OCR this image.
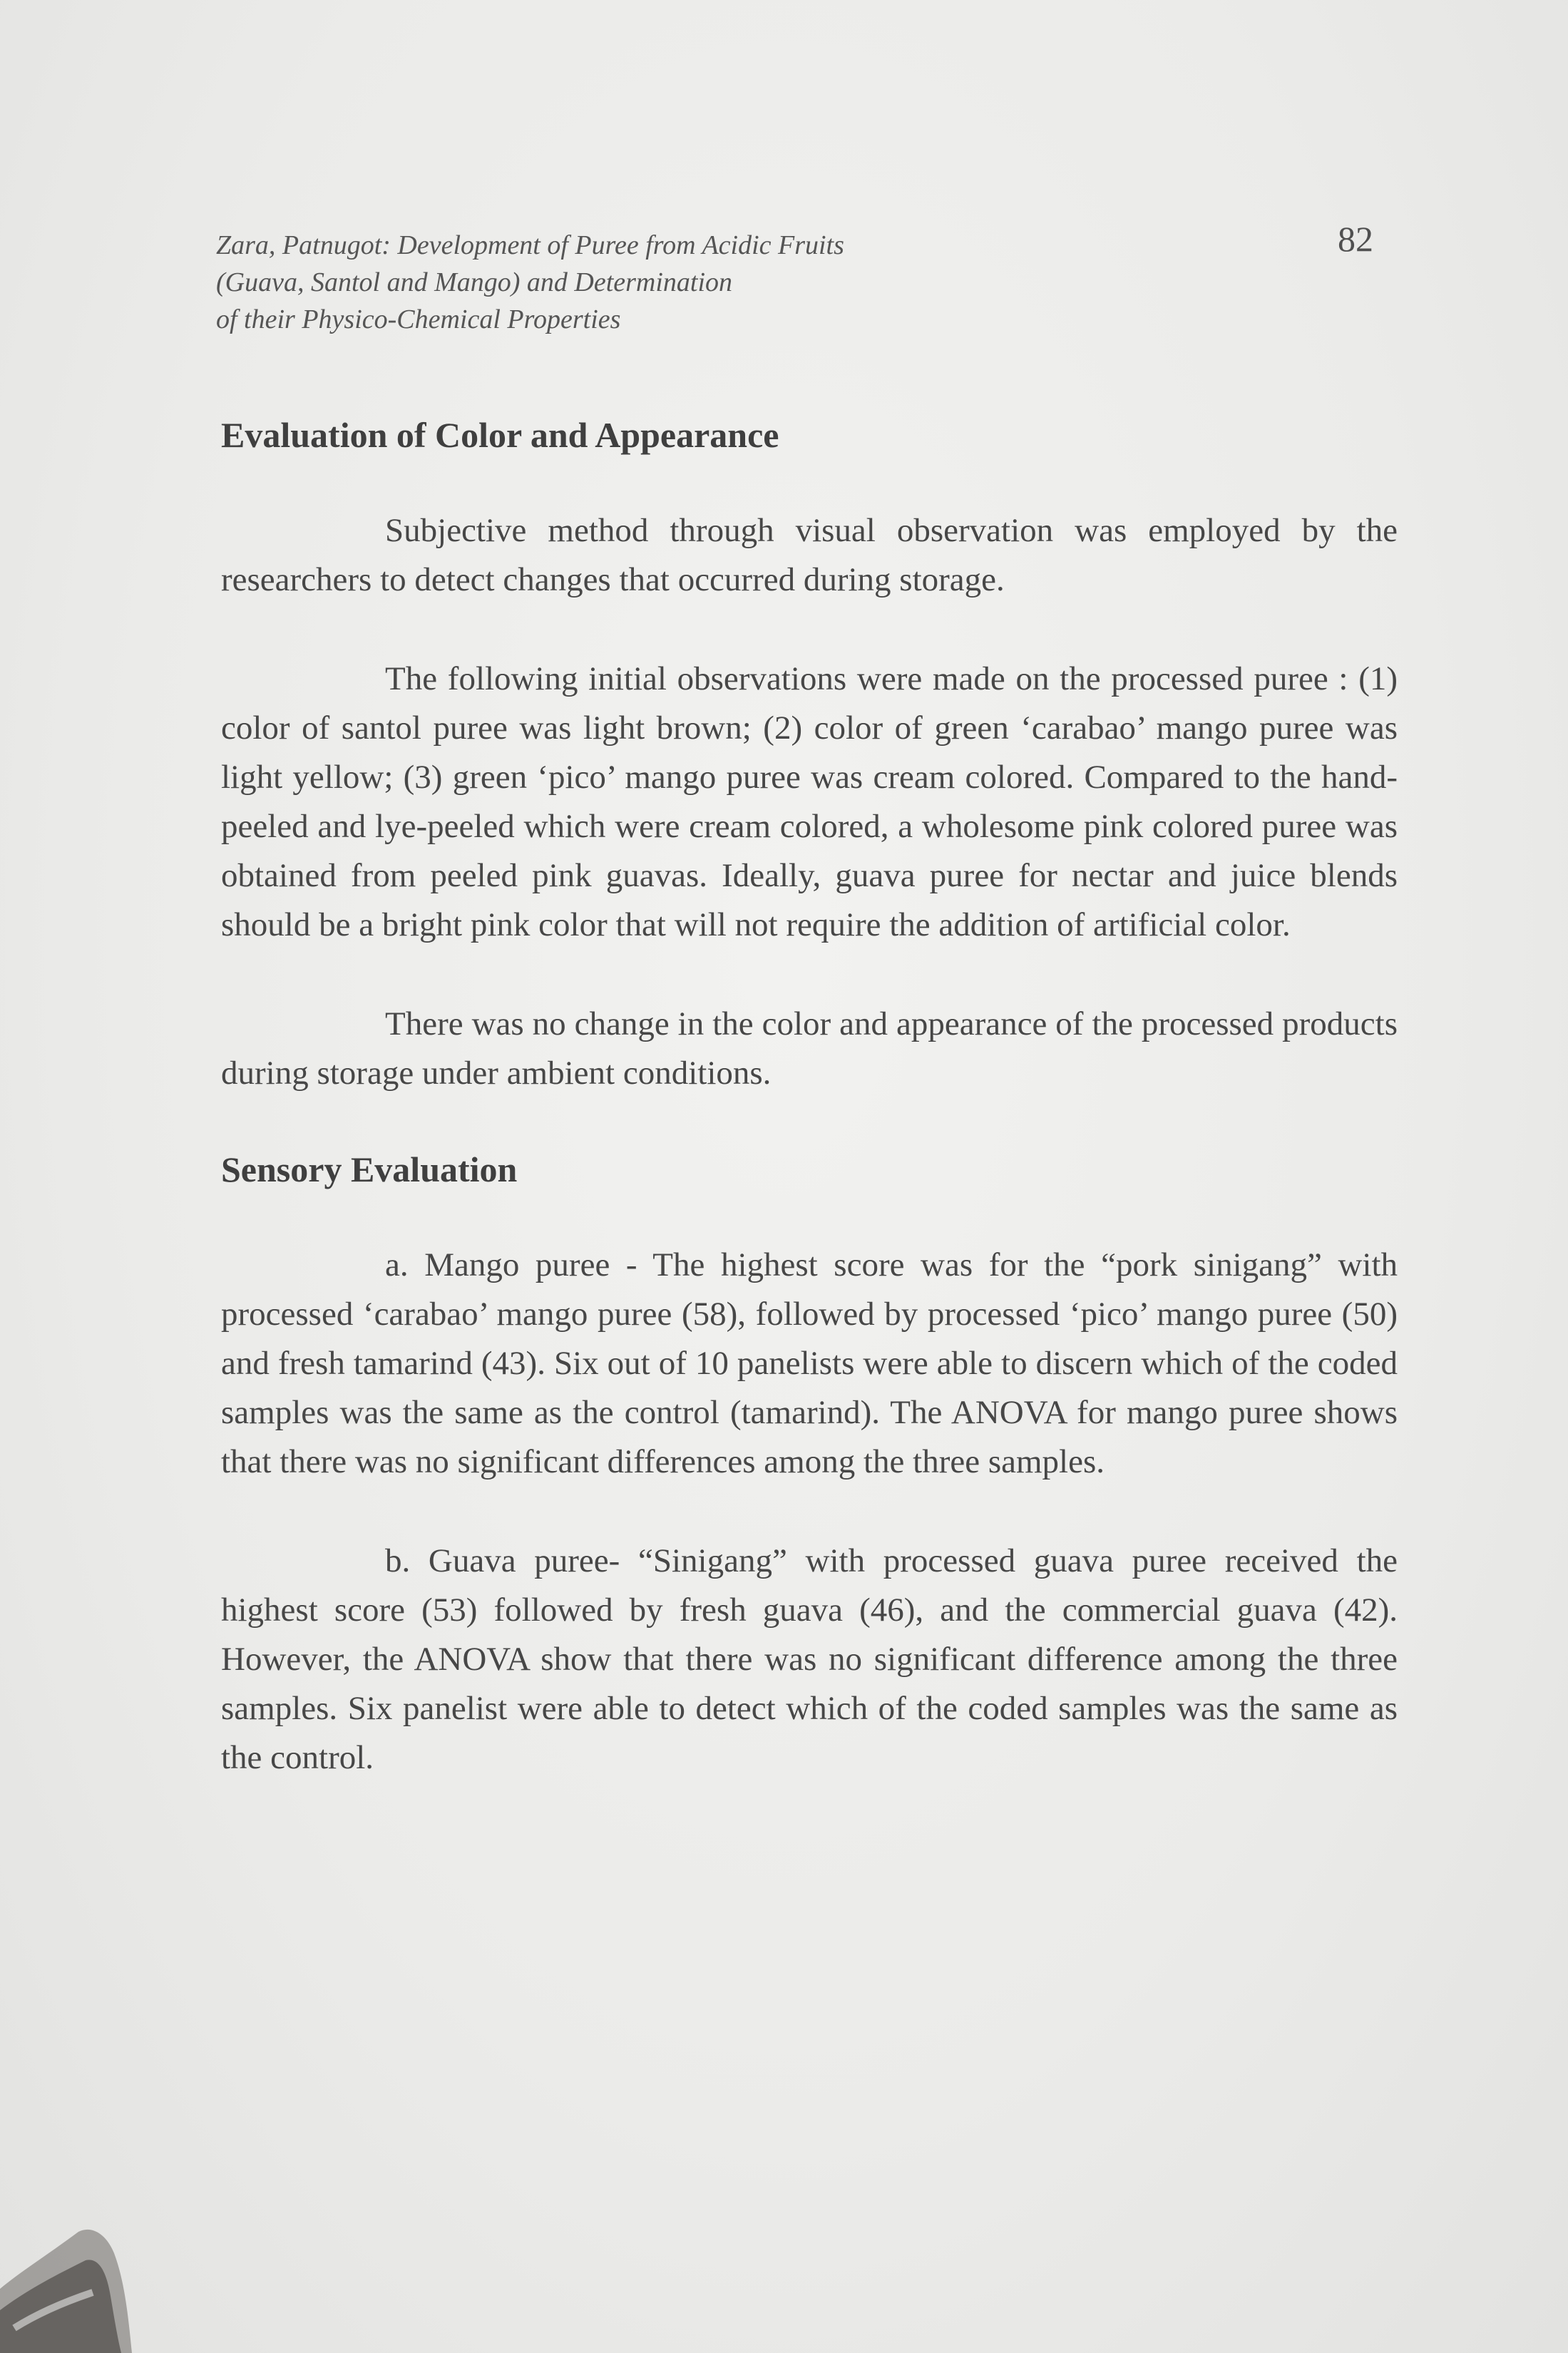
Zara, Patnugot: Development of Puree from Acidic Fruits
(Guava, Santol and Mango) and Determination
of their Physico-Chemical Properties
82
Evaluation of Color and Appearance

Subjective method through visual observation was employed by the researchers to detect changes that occurred during storage.

The following initial observations were made on the processed puree : (1) color of santol puree was light brown; (2) color of green ‘carabao’ mango puree was light yellow; (3) green ‘pico’ mango puree was cream colored. Compared to the hand-peeled and lye-peeled which were cream colored, a wholesome pink colored puree was obtained from peeled pink guavas. Ideally, guava puree for nectar and juice blends should be a bright pink color that will not require the addition of artificial color.

There was no change in the color and appearance of the processed products during storage under ambient conditions.

Sensory Evaluation

a. Mango puree - The highest score was for the “pork sinigang” with processed ‘carabao’ mango puree (58), followed by processed ‘pico’ mango puree (50) and fresh tamarind (43). Six out of 10 panelists were able to discern which of the coded samples was the same as the control (tamarind). The ANOVA for mango puree shows that there was no significant differences among the three samples.

b. Guava puree- “Sinigang” with processed guava puree received the highest score (53) followed by fresh guava (46), and the commercial guava (42). However, the ANOVA show that there was no significant difference among the three samples. Six panelist were able to detect which of the coded samples was the same as the control.
